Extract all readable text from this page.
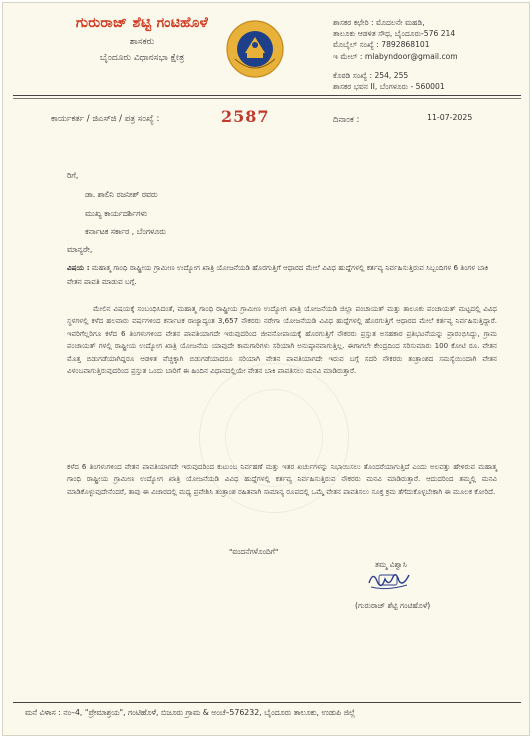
ಗುರುರಾಜ್ ಶೆಟ್ಟಿ ಗಂಟಿಹೊಳೆ
ಶಾಸಕರು
ಬೈಂದೂರು ವಿಧಾನಸಭಾ ಕ್ಷೇತ್ರ
ಶಾಸಕರ ಕಛೇರಿ : ಮೊದಲನೇ ಮಹಡಿ,
ತಾಲೂಕು ಆಡಳಿತ ಸೌಧ, ಬೈಂದೂರು-576 214
ಮೊಬೈಲ್ ಸಂಖ್ಯೆ : 7892868101
ಇ ಮೇಲ್ : mlabyndoor@gmail.com
ಕೊಠಡಿ ಸಂಖ್ಯೆ : 254, 255
ಶಾಸಕರ ಭವನ II, ಬೆಂಗಳೂರು - 560001
ಕಾರ್ಯಕರ್ತ / ಜಿಎಸ್‌ಜಿ / ಪತ್ರ ಸಂಖ್ಯೆ :	2587	ದಿನಾಂಕ :	11-07-2025
ರಿಗೆ,
ಡಾ. ಶಾಲಿನಿ ರಜನೀಶ್ ರವರು
ಮುಖ್ಯ ಕಾರ್ಯದರ್ಶಿಗಳು
ಕರ್ನಾಟಕ ಸರ್ಕಾರ , ಬೆಂಗಳೂರು
ಮಾನ್ಯರೇ,
ವಿಷಯ : ಮಹಾತ್ಮ ಗಾಂಧಿ ರಾಷ್ಟ್ರೀಯ ಗ್ರಾಮೀಣ ಉದ್ಯೋಗ ಖಾತ್ರಿ ಯೋಜನೆಯಡಿ ಹೊರಗುತ್ತಿಗೆ ಆಧಾರದ ಮೇಲೆ ವಿವಿಧ ಹುದ್ದೆಗಳಲ್ಲಿ ಕರ್ತವ್ಯ ನಿರ್ವಹಿಸುತ್ತಿರುವ ಸಿಬ್ಬಂದಿಗಳ 6 ತಿಂಗಳ ಬಾಕಿ ವೇತನ ಪಾವತಿ ಮಾಡುವ ಬಗ್ಗೆ.
ಮೇಲಿನ ವಿಷಯಕ್ಕೆ ಸಂಬಂಧಿಸಿದಂತೆ, ಮಹಾತ್ಮ ಗಾಂಧಿ ರಾಷ್ಟ್ರೀಯ ಗ್ರಾಮೀಣ ಉದ್ಯೋಗ ಖಾತ್ರಿ ಯೋಜನೆಯಡಿ ಜಿಲ್ಲಾ ಪಂಚಾಯತ್ ಮತ್ತು ತಾಲೂಕು ಪಂಚಾಯತ್ ಮಟ್ಟದಲ್ಲಿ ವಿವಿಧ ಸ್ಥಳಗಳಲ್ಲಿ ಕಳೆದ ಹಲವಾರು ವರ್ಷಗಳಿಂದ ಕರ್ನಾಟಕ ರಾಜ್ಯಾದ್ಯಂತ 3,657 ನೌಕರರು ನರೇಗಾ ಯೋಜನೆಯಡಿ ವಿವಿಧ ಹುದ್ದೆಗಳಲ್ಲಿ ಹೊರಗುತ್ತಿಗೆ ಆಧಾರದ ಮೇಲೆ ಕರ್ತವ್ಯ ನಿರ್ವಹಿಸುತ್ತಿದ್ದಾರೆ. ಇವರಿಗೆಲ್ಲರಿಗೂ ಕಳೆದ 6 ತಿಂಗಳುಗಳಿಂದ ವೇತನ ಪಾವತಿಯಾಗದೇ ಇರುವುದರಿಂದ ಜೀವನೋಪಾಯಕ್ಕೆ ಹೊರಗುತ್ತಿಗೆ ನೌಕರರು ಪ್ರಸ್ತುತ ಅಸಹಕಾರ ಪ್ರತಿಭಟನೆಯನ್ನು ಪ್ರಾರಂಭಿಸಿದ್ದು, ಗ್ರಾಮ ಪಂಚಾಯತ್ ಗಳಲ್ಲಿ ರಾಷ್ಟ್ರೀಯ ಉದ್ಯೋಗ ಖಾತ್ರಿ ಯೋಜನೆಯ ಯಾವುದೇ ಕಾಮಗಾರಿಗಳು ಸರಿಯಾಗಿ ಅನುಷ್ಠಾನವಾಗುತ್ತಿಲ್ಲ. ಈಗಾಗಲೇ ಕೇಂದ್ರದಿಂದ ಸರಿಸುಮಾರು 100 ಕೋಟಿ ರೂ. ವೇತನ ಮೊತ್ತ ಬಿಡುಗಡೆಯಾಗಿದ್ದರೂ ಆಡಳಿತ ವೆಚ್ಚಕ್ಕಾಗಿ ಬಿಡುಗಡೆಯಾದರೂ ಸರಿಯಾಗಿ ವೇತನ ಪಾವತಿಯಾಗದೇ ಇರುವ ಬಗ್ಗೆ ಸದರಿ ನೌಕರರು ತಂತ್ರಾಂಶದ ಸಮಸ್ಯೆಯಿಂದಾಗಿ ವೇತನ ವಿಳಂಬವಾಗುತ್ತಿರುವುದರಿಂದ ಪ್ರಸ್ತುತ ಒಂದು ಬಾರಿಗೆ ಈ ಹಿಂದಿನ ವಿಧಾನದಲ್ಲಿಯೇ ವೇತನ ಬಾಕಿ ಪಾವತಿಸಲು ಮನವಿ ಮಾಡಿರುತ್ತಾರೆ.
ಕಳೆದ 6 ತಿಂಗಳುಗಳಿಂದ ವೇತನ ಪಾವತಿಯಾಗದೇ ಇರುವುದರಿಂದ ಕುಟುಂಬ ನಿರ್ವಹಣೆ ಮತ್ತು ಇತರ ಖರ್ಚುಗಳನ್ನು ನಿಭಾಯಿಸಲು ತೊಂದರೆಯಾಗುತ್ತಿದೆ ಎಂದು ಅಲವತ್ತು ಹೇಳಿರುವ ಮಹಾತ್ಮ ಗಾಂಧಿ ರಾಷ್ಟ್ರೀಯ ಗ್ರಾಮೀಣ ಉದ್ಯೋಗ ಖಾತ್ರಿ ಯೋಜನೆಯಡಿ ವಿವಿಧ ಹುದ್ದೆಗಳಲ್ಲಿ ಕರ್ತವ್ಯ ನಿರ್ವಹಿಸುತ್ತಿರುವ ನೌಕರರು ಮನವಿ ಮಾಡಿರುತ್ತಾರೆ. ಆದುದರಿಂದ ತಮ್ಮಲ್ಲಿ ಮನವಿ ಮಾಡಿಕೊಳ್ಳುವುದೇನೆಂದರೆ, ತಾವು ಈ ವಿಚಾರದಲ್ಲಿ ಮಧ್ಯ ಪ್ರವೇಶಿಸಿ ತಂತ್ರಾಂಶ ರಹಿತವಾಗಿ ಸಾಮಾನ್ಯ ರೂಪದಲ್ಲಿ ಒಮ್ಮೆ ವೇತನ ಪಾವತಿಸಲು ಸೂಕ್ತ ಕ್ರಮ ತೆಗೆದುಕೊಳ್ಳಬೇಕಾಗಿ ಈ ಮೂಲಕ ಕೋರಿದೆ.
"ವಂದನೆಗಳೊಂದಿಗೆ"
ತಮ್ಮ ವಿಶ್ವಾಸಿ
(ಗುರುರಾಜ್ ಶೆಟ್ಟಿ ಗಂಟಿಹೊಳೆ)
ಮನೆ ವಿಳಾಸ : ನಂ–4, "ಪ್ರೇಮಾಶ್ರಯ", ಗಂಟಿಹೊಳೆ, ಬಿಜೂರು ಗ್ರಾಮ & ಅಂಚೆ–576232, ಬೈಂದೂರು ತಾಲೂಕು, ಉಡುಪಿ ಜಿಲ್ಲೆ
